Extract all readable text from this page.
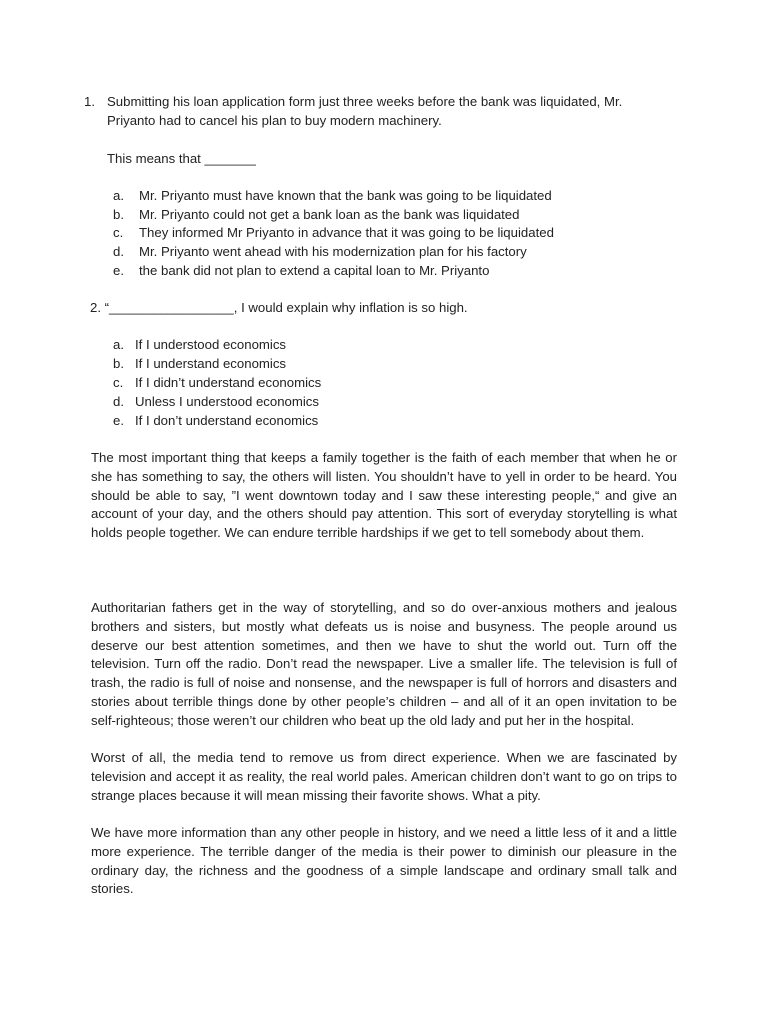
1. Submitting his loan application form just three weeks before the bank was liquidated, Mr.
Priyanto had to cancel his plan to buy modern machinery.
This means that _______
a. Mr. Priyanto must have known that the bank was going to be liquidated
b. Mr. Priyanto could not get a bank loan as the bank was liquidated
c. They informed Mr Priyanto in advance that it was going to be liquidated
d. Mr. Priyanto went ahead with his modernization plan for his factory
e. the bank did not plan to extend a capital loan to Mr. Priyanto
2. “_________________, I would explain why inflation is so high.
a. If I understood economics
b. If I understand economics
c. If I didn’t understand economics
d. Unless I understood economics
e. If I don’t understand economics

The most important thing that keeps a family together is the faith of each member that when he or she has something to say, the others will listen. You shouldn’t have to yell in order to be heard. You should be able to say, ”I went downtown today and I saw these interesting people,“ and give an account of your day, and the others should pay attention. This sort of everyday storytelling is what holds people together. We can endure terrible hardships if we get to tell somebody about them.

Authoritarian fathers get in the way of storytelling, and so do over-anxious mothers and jealous brothers and sisters, but mostly what defeats us is noise and busyness. The people around us deserve our best attention sometimes, and then we have to shut the world out. Turn off the television. Turn off the radio. Don’t read the newspaper. Live a smaller life. The television is full of trash, the radio is full of noise and nonsense, and the newspaper is full of horrors and disasters and stories about terrible things done by other people’s children – and all of it an open invitation to be self-righteous; those weren’t our children who beat up the old lady and put her in the hospital.

Worst of all, the media tend to remove us from direct experience. When we are fascinated by television and accept it as reality, the real world pales. American children don’t want to go on trips to strange places because it will mean missing their favorite shows. What a pity.

We have more information than any other people in history, and we need a little less of it and a little more experience. The terrible danger of the media is their power to diminish our pleasure in the ordinary day, the richness and the goodness of a simple landscape and ordinary small talk and stories.
